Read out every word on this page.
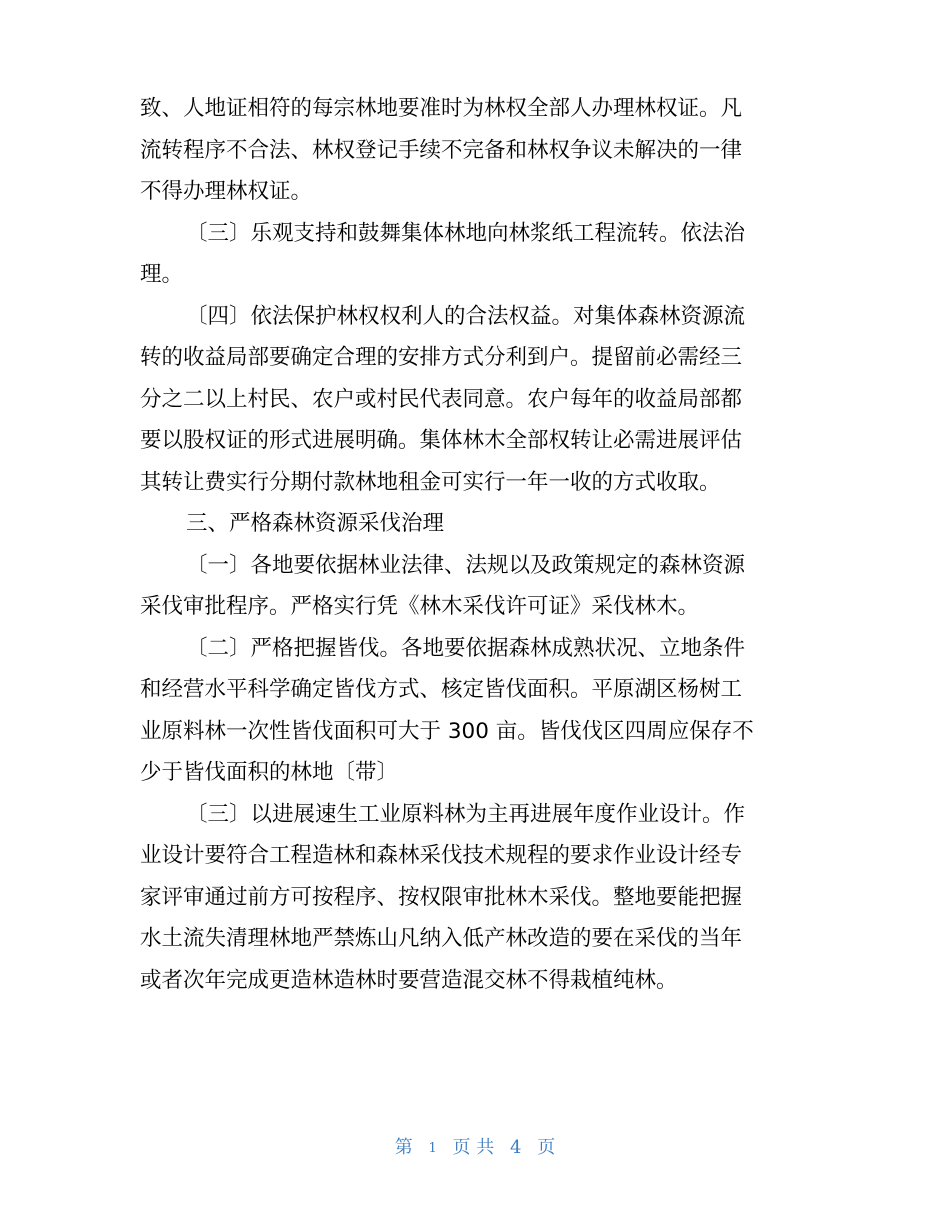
致、人地证相符的每宗林地要准时为林权全部人办理林权证。凡
流转程序不合法、林权登记手续不完备和林权争议未解决的一律
不得办理林权证。
〔三〕乐观支持和鼓舞集体林地向林浆纸工程流转。依法治
理。
〔四〕依法保护林权权利人的合法权益。对集体森林资源流
转的收益局部要确定合理的安排方式分利到户。提留前必需经三
分之二以上村民、农户或村民代表同意。农户每年的收益局部都
要以股权证的形式进展明确。集体林木全部权转让必需进展评估
其转让费实行分期付款林地租金可实行一年一收的方式收取。
三、严格森林资源采伐治理
〔一〕各地要依据林业法律、法规以及政策规定的森林资源
采伐审批程序。严格实行凭《林木采伐许可证》采伐林木。
〔二〕严格把握皆伐。各地要依据森林成熟状况、立地条件
和经营水平科学确定皆伐方式、核定皆伐面积。平原湖区杨树工
业原料林一次性皆伐面积可大于 300 亩。皆伐伐区四周应保存不
少于皆伐面积的林地〔带〕
〔三〕以进展速生工业原料林为主再进展年度作业设计。作
业设计要符合工程造林和森林采伐技术规程的要求作业设计经专
家评审通过前方可按程序、按权限审批林木采伐。整地要能把握
水土流失清理林地严禁炼山凡纳入低产林改造的要在采伐的当年
或者次年完成更造林造林时要营造混交林不得栽植纯林。
第 1 页 共 4 页
